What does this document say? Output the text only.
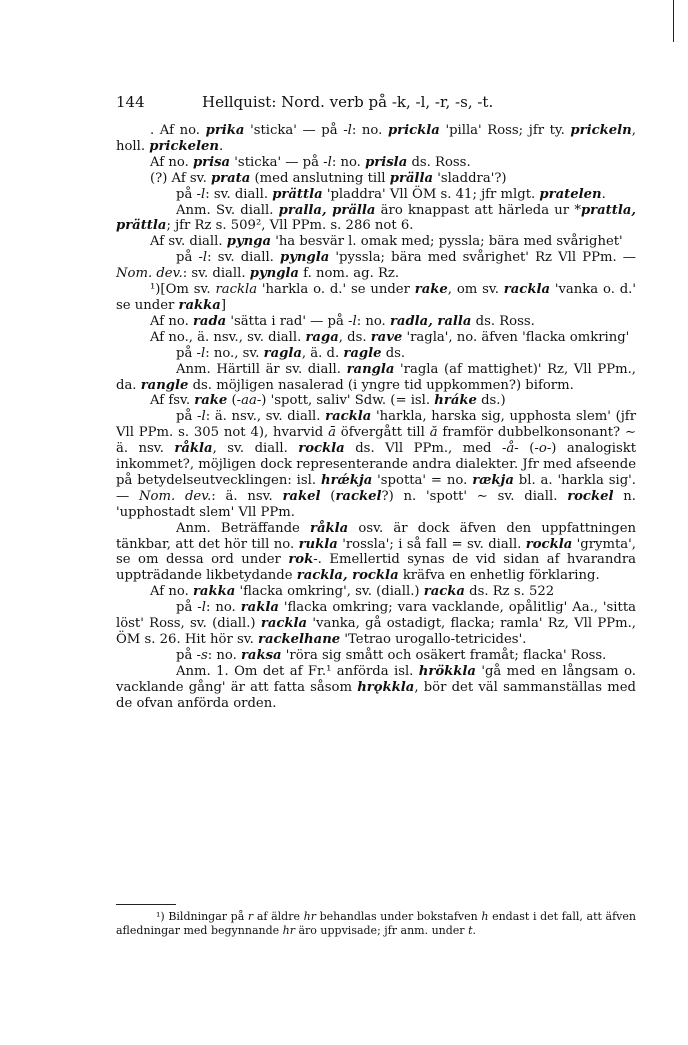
144	Hellquist: Nord. verb på -k, -l, -r, -s, -t.

. Af no. prika 'sticka' — på -l: no. prickla 'pilla' Ross; jfr ty. prickeln, holl. prickelen.

Af no. prisa 'sticka' — på -l: no. prisla ds. Ross.

(?) Af sv. prata (med anslutning till prälla 'sladdra'?)

på -l: sv. diall. prättla 'pladdra' Vll ÖM s. 41; jfr mlgt. pratelen.

Anm. Sv. diall. pralla, prälla äro knappast att härleda ur *prattla, prättla; jfr Rz s. 509², Vll PPm. s. 286 not 6.

Af sv. diall. pynga 'ha besvär l. omak med; pyssla; bära med svårighet'

på -l: sv. diall. pyngla 'pyssla; bära med svårighet' Rz Vll PPm. — Nom. dev.: sv. diall. pyngla f. nom. ag. Rz.

¹)[Om sv. rackla 'harkla o. d.' se under rake, om sv. rackla 'vanka o. d.' se under rakka]

Af no. rada 'sätta i rad' — på -l: no. radla, ralla ds. Ross.

Af no., ä. nsv., sv. diall. raga, ds. rave 'ragla', no. äfven 'flacka omkring'

på -l: no., sv. ragla, ä. d. ragle ds.

Anm. Härtill är sv. diall. rangla 'ragla (af mattighet)' Rz, Vll PPm., da. rangle ds. möjligen nasalerad (i yngre tid uppkommen?) biform.

Af fsv. rake (-aa-) 'spott, saliv' Sdw. (= isl. hráke ds.)

på -l: ä. nsv., sv. diall. rackla 'harkla, harska sig, upphosta slem' (jfr Vll PPm. s. 305 not 4), hvarvid ā öfvergått till ă framför dubbelkonsonant? ∼ ä. nsv. råkla, sv. diall. rockla ds. Vll PPm., med -å- (-o-) analogiskt inkommet?, möjligen dock representerande andra dialekter. Jfr med afseende på betydelseutvecklingen: isl. hrǽkja 'spotta' = no. rækja bl. a. 'harkla sig'. — Nom. dev.: ä. nsv. rakel (rackel?) n. 'spott' ∼ sv. diall. rockel n. 'upphostadt slem' Vll PPm.

Anm. Beträffande råkla osv. är dock äfven den uppfattningen tänkbar, att det hör till no. rukla 'rossla'; i så fall = sv. diall. rockla 'grymta', se om dessa ord under rok-. Emellertid synas de vid sidan af hvarandra uppträdande likbetydande rackla, rockla kräfva en enhetlig förklaring.

Af no. rakka 'flacka omkring', sv. (diall.) racka ds. Rz s. 522

på -l: no. rakla 'flacka omkring; vara vacklande, opålitlig' Aa., 'sitta löst' Ross, sv. (diall.) rackla 'vanka, gå ostadigt, flacka; ramla' Rz, Vll PPm., ÖM s. 26. Hit hör sv. rackelhane 'Tetrao urogallo-tetricides'.

på -s: no. raksa 'röra sig smått och osäkert framåt; flacka' Ross.

Anm. 1. Om det af Fr.¹ anförda isl. hrökkla 'gå med en långsam o. vacklande gång' är att fatta såsom hrǫkkla, bör det väl sammanställas med de ofvan anförda orden.

¹) Bildningar på r af äldre hr behandlas under bokstafven h endast i det fall, att äfven afledningar med begynnande hr äro uppvisade; jfr anm. under t.
